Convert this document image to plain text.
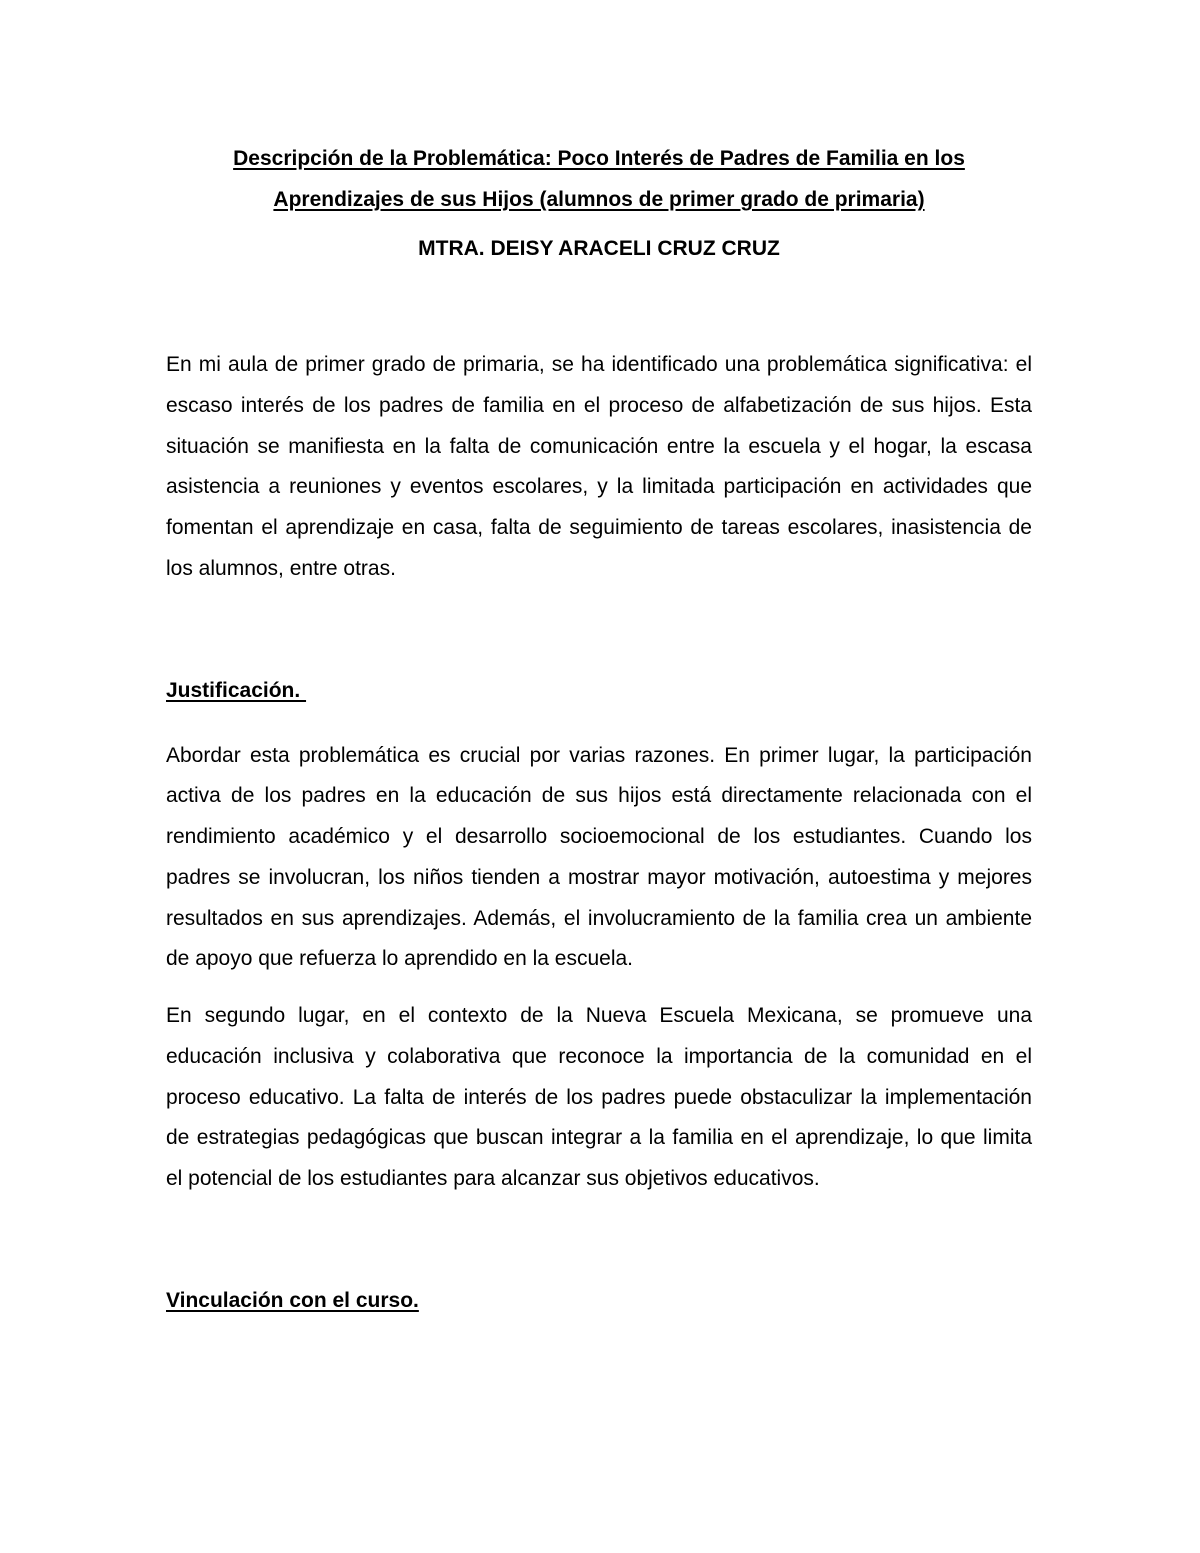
Descripción de la Problemática: Poco Interés de Padres de Familia en los Aprendizajes de sus Hijos (alumnos de primer grado de primaria)

MTRA. DEISY ARACELI CRUZ CRUZ

En mi aula de primer grado de primaria, se ha identificado una problemática significativa: el escaso interés de los padres de familia en el proceso de alfabetización de sus hijos. Esta situación se manifiesta en la falta de comunicación entre la escuela y el hogar, la escasa asistencia a reuniones y eventos escolares, y la limitada participación en actividades que fomentan el aprendizaje en casa, falta de seguimiento de tareas escolares, inasistencia de los alumnos, entre otras.

Justificación.

Abordar esta problemática es crucial por varias razones. En primer lugar, la participación activa de los padres en la educación de sus hijos está directamente relacionada con el rendimiento académico y el desarrollo socioemocional de los estudiantes. Cuando los padres se involucran, los niños tienden a mostrar mayor motivación, autoestima y mejores resultados en sus aprendizajes. Además, el involucramiento de la familia crea un ambiente de apoyo que refuerza lo aprendido en la escuela.

En segundo lugar, en el contexto de la Nueva Escuela Mexicana, se promueve una educación inclusiva y colaborativa que reconoce la importancia de la comunidad en el proceso educativo. La falta de interés de los padres puede obstaculizar la implementación de estrategias pedagógicas que buscan integrar a la familia en el aprendizaje, lo que limita el potencial de los estudiantes para alcanzar sus objetivos educativos.

Vinculación con el curso.
